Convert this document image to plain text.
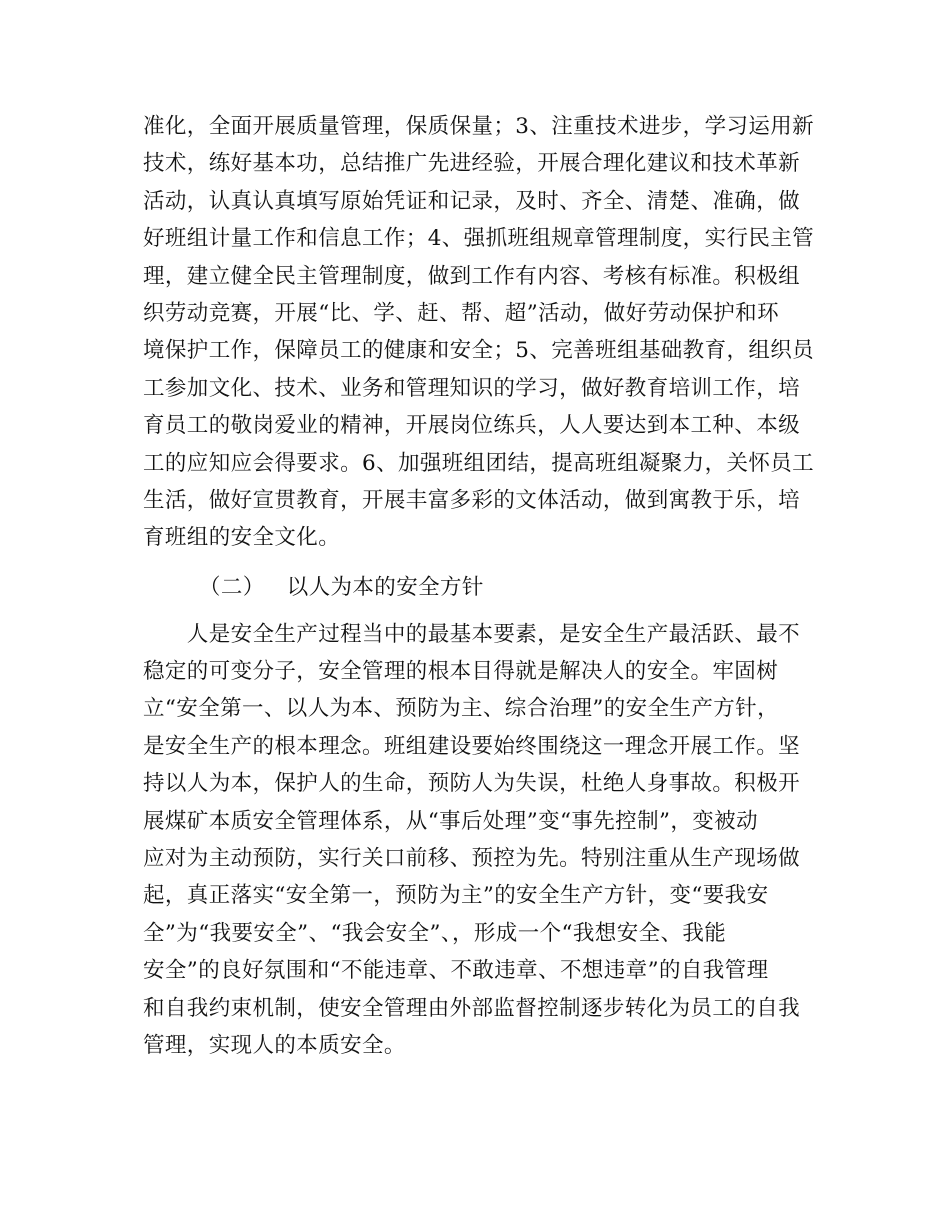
准化，全面开展质量管理，保质保量；3、注重技术进步，学习运用新
技术，练好基本功，总结推广先进经验，开展合理化建议和技术革新
活动，认真认真填写原始凭证和记录，及时、齐全、清楚、准确，做
好班组计量工作和信息工作；4、强抓班组规章管理制度，实行民主管
理，建立健全民主管理制度，做到工作有内容、考核有标准。积极组
织劳动竞赛，开展“比、学、赶、帮、超”活动，做好劳动保护和环
境保护工作，保障员工的健康和安全；5、完善班组基础教育，组织员
工参加文化、技术、业务和管理知识的学习，做好教育培训工作，培
育员工的敬岗爱业的精神，开展岗位练兵，人人要达到本工种、本级
工的应知应会得要求。6、加强班组团结，提高班组凝聚力，关怀员工
生活，做好宣贯教育，开展丰富多彩的文体活动，做到寓教于乐，培
育班组的安全文化。
（二） 以人为本的安全方针
　　人是安全生产过程当中的最基本要素，是安全生产最活跃、最不
稳定的可变分子，安全管理的根本目得就是解决人的安全。牢固树
立“安全第一、以人为本、预防为主、综合治理”的安全生产方针，
是安全生产的根本理念。班组建设要始终围绕这一理念开展工作。坚
持以人为本，保护人的生命，预防人为失误，杜绝人身事故。积极开
展煤矿本质安全管理体系，从“事后处理”变“事先控制”，变被动
应对为主动预防，实行关口前移、预控为先。特别注重从生产现场做
起，真正落实“安全第一，预防为主”的安全生产方针，变“要我安
全”为“我要安全”、“我会安全”、，形成一个“我想安全、我能
安全”的良好氛围和“不能违章、不敢违章、不想违章”的自我管理
和自我约束机制，使安全管理由外部监督控制逐步转化为员工的自我
管理，实现人的本质安全。
